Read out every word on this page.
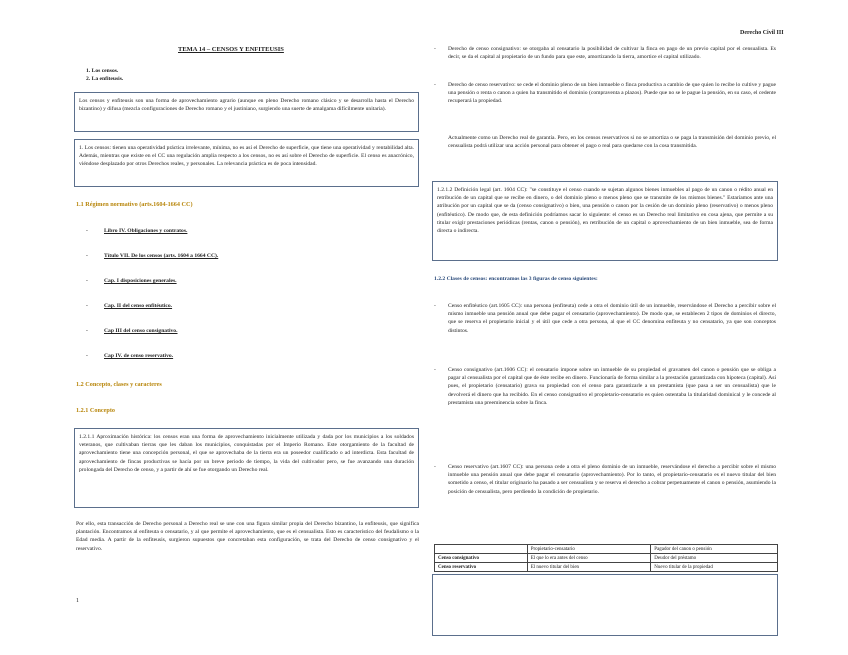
Derecho Civil III
TEMA 14 – CENSOS Y ENFITEUSIS
1. Los censos.
2. La enfiteusis.
Los censos y enfiteusis son una forma de aprovechamiento agrario (aunque en pleno Derecho romano clásico y se desarrolla hasta el Derecho bizantino) y difusa (mezcla configuraciones de Derecho romano y el justiniano, surgiendo una suerte de amalgama difícilmente unitaria).
1. Los censos: tienen una operatividad práctica irrelevante, mínima, no es así el Derecho de superficie, que tiene una operatividad y rentabilidad alta. Además, mientras que existe en el CC una regulación amplia respecto a los censos, no es así sobre el Derecho de superficie. El censo es anacrónico, viéndose desplazado por otros Derechos reales, y personales. La relevancia práctica es de poca intensidad.
1.1 Régimen normativo (arts.1604-1664 CC)
-	Libro IV. Obligaciones y contratos.
-	Título VII. De los censos (arts. 1604 a 1664 CC).
-	Cap. I disposiciones generales.
-	Cap. II del censo enfitéutico.
-	Cap III del censo consignativo.
-	Cap IV. de censo reservativo.
1.2 Concepto, clases y caracteres
1.2.1 Concepto
1.2.1.1 Aproximación histórica: los censos eran una forma de aprovechamiento inicialmente utilizada y dada por los municipios a los soldados veteranos, que cultivaban tierras que les daban los municipios, conquistadas por el Imperio Romano. Este otorgamiento de la facultad de aprovechamiento tiene una concepción personal, el que se aprovechaba de la tierra era un poseedor cualificado o ad interdicta. Esta facultad de aprovechamiento de fincas productivas se hacía por un breve periodo de tiempo, la vida del cultivador pero, se fue avanzando una duración prolongada del Derecho de censo, y a partir de ahí se fue otorgando un Derecho real.
Por ello, esta transacción de Derecho personal a Derecho real se une con una figura similar propia del Derecho bizantino, la enfiteusis, que significa plantación. Encontramos al enfiteuta o censatario, y al que permite el aprovechamiento, que es el censualista. Esto es característico del feudalismo o la Edad media. A partir de la enfiteusis, surgieron supuestos que concretaban esta configuración, se trata del Derecho de censo consignativo y el reservativo.
1
- Derecho de censo consignativo: se otorgaba al censatario la posibilidad de cultivar la finca en pago de un previo capital por el censualista. Es decir, se da el capital al propietario de un fundo para que este, amortizando la tierra, amortice el capital utilizado.
- Derecho de censo reservativo: se cede el dominio pleno de un bien inmueble o finca productiva a cambio de que quien lo recibe lo cultive y pague una pensión o renta o canon a quien ha transmitido el dominio (compraventa a plazos). Puede que no se le pague la pensión, en su caso, el cedente recuperará la propiedad.
Actualmente como un Derecho real de garantía. Pero, en los censos reservativos si no se amortiza o se paga la transmisión del dominio previo, el censualista podrá utilizar una acción personal para obtener el pago o real para quedarse con la cosa transmitida.
1.2.1.2 Definición legal (art. 1604 CC): "se constituye el censo cuando se sujetan algunos bienes inmuebles al pago de un canon o rédito anual en retribución de un capital que se recibe en dinero, o del dominio pleno o menos pleno que se transmite de los mismos bienes." Estaríamos ante una atribución por un capital que se da (censo consignativo) o bien, una pensión o canon por la cesión de un dominio pleno (reservativo) o menos pleno (enfitéutico). De modo que, de esta definición podríamos sacar lo siguiente: el censo es un Derecho real limitativo en cosa ajena, que permite a su titular exigir prestaciones periódicas (rentas, canon o pensión), en retribución de un capital o aprovechamiento de un bien inmueble, sea de forma directa o indirecta.
1.2.2 Clases de censos: encontramos las 3 figuras de censo siguientes:
- Censo enfitéutico (art.1605 CC): una persona (enfiteuta) cede a otra el dominio útil de un inmueble, reservándose el Derecho a percibir sobre el mismo inmueble una pensión anual que debe pagar el censatario (aprovechamiento). De modo que, se establecen 2 tipos de dominios el directo, que se reserva el propietario inicial y el útil que cede a otra persona, al que el CC denomina enfiteuta y no censatario, ya que son conceptos distintos.
- Censo consignativo (art.1606 CC): el censatario impone sobre un inmueble de su propiedad el gravamen del canon o pensión que se obliga a pagar al censualista por el capital que de éste recibe en dinero. Funcionaría de forma similar a la prestación garantizada con hipoteca (capital). Así pues, el propietario (censatario) grava su propiedad con el censo para garantizarle a un prestamista (que pasa a ser un censualista) que le devolverá el dinero que ha recibido. En el censo consignativo el propietario-censatario es quien ostentaba la titularidad dominical y le concede al prestamista una preeminencia sobre la finca.
- Censo reservativo (art.1607 CC): una persona cede a otra el pleno dominio de un inmueble, reservándose el derecho a percibir sobre el mismo inmueble una pensión anual que debe pagar el censatario (aprovechamiento). Por lo tanto, el propietario-censatario es el nuevo titular del bien sometido a censo, el titular originario ha pasado a ser censualista y se reserva el derecho a cobrar perpetuamente el canon o pensión, asumiendo la posición de censualista, pero perdiendo la condición de propietario.
	Propietario-censatario	Pagador del canon o pensión
Censo consignativo	El que lo era antes del censo	Deudor del préstamo
Censo reservativo	El nuevo titular del bien	Nuevo titular de la propiedad
